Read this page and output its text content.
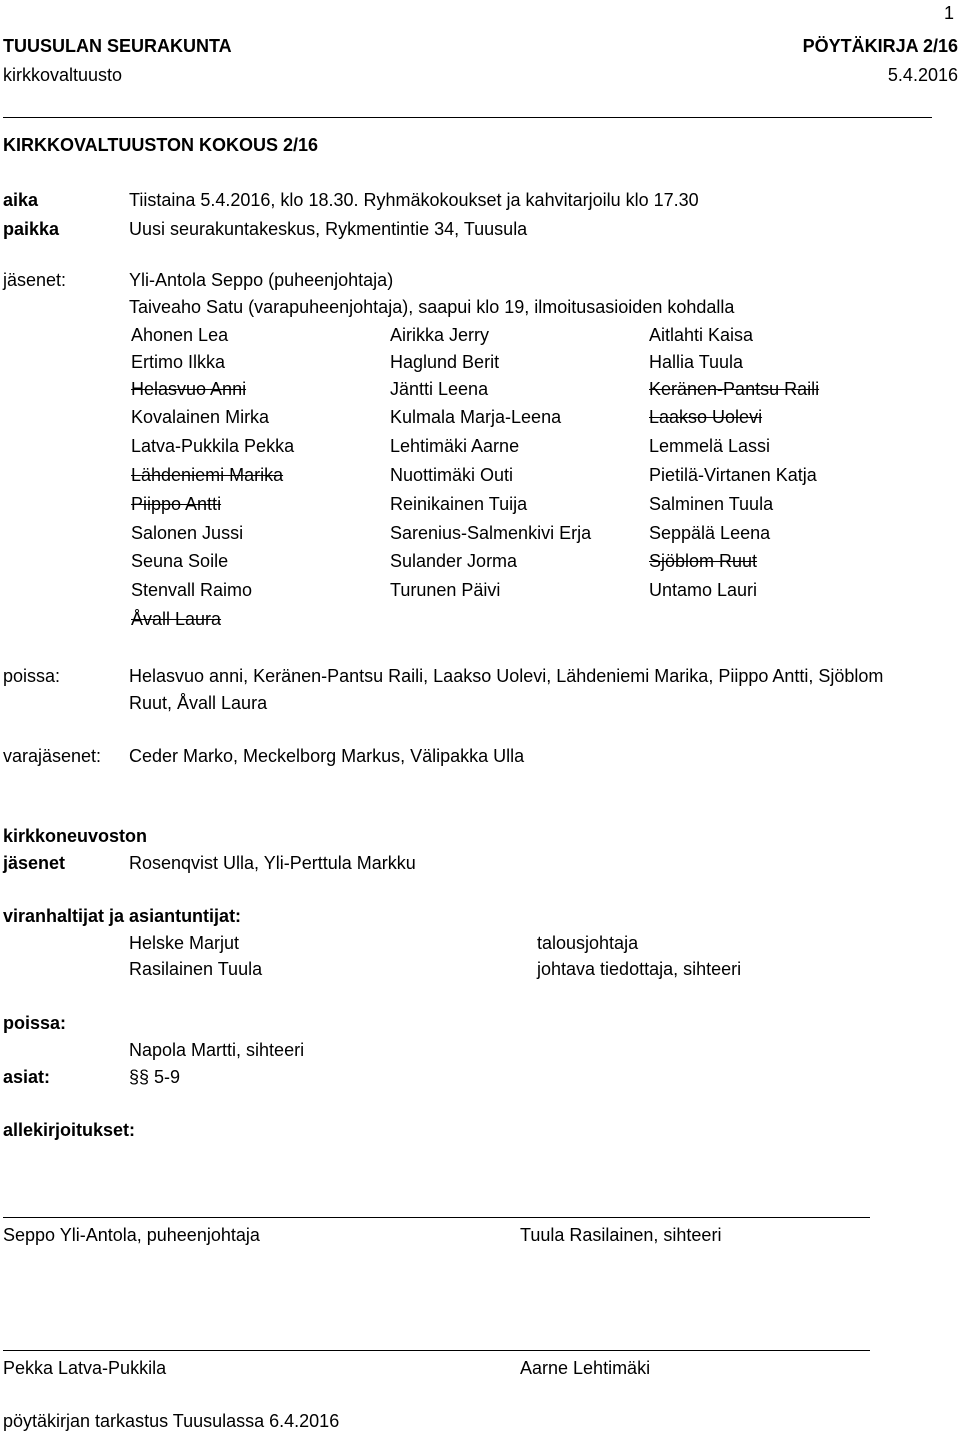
1
TUUSULAN SEURAKUNTA	PÖYTÄKIRJA 2/16
kirkkovaltuusto	5.4.2016
KIRKKOVALTUUSTON KOKOUS 2/16
aika	Tiistaina 5.4.2016, klo 18.30. Ryhmäkokoukset ja kahvitarjoilu klo 17.30
paikka	Uusi seurakuntakeskus, Rykmentintie 34, Tuusula
jäsenet:	Yli-Antola Seppo (puheenjohtaja)
Taiveaho Satu (varapuheenjohtaja), saapui klo 19, ilmoitusasioiden kohdalla
Ahonen Lea	Airikka Jerry	Aitlahti Kaisa
Ertimo Ilkka	Haglund Berit	Hallia Tuula
Helasvuo Anni	Jäntti Leena	Keränen-Pantsu Raili
Kovalainen Mirka	Kulmala Marja-Leena	Laakso Uolevi
Latva-Pukkila Pekka	Lehtimäki Aarne	Lemmelä Lassi
Lähdeniemi Marika	Nuottimäki Outi	Pietilä-Virtanen Katja
Piippo Antti	Reinikainen Tuija	Salminen Tuula
Salonen Jussi	Sarenius-Salmenkivi Erja	Seppälä Leena
Seuna Soile	Sulander Jorma	Sjöblom Ruut
Stenvall Raimo	Turunen Päivi	Untamo Lauri
Åvall Laura
poissa:	Helasvuo anni, Keränen-Pantsu Raili, Laakso Uolevi, Lähdeniemi Marika, Piippo Antti, Sjöblom
Ruut, Åvall Laura
varajäsenet: Ceder Marko, Meckelborg Markus, Välipakka Ulla
kirkkoneuvoston
jäsenet	Rosenqvist Ulla, Yli-Perttula Markku
viranhaltijat ja asiantuntijat:
Helske Marjut	talousjohtaja
Rasilainen Tuula	johtava tiedottaja, sihteeri
poissa:
Napola Martti, sihteeri
asiat:	§§ 5-9
allekirjoitukset:
Seppo Yli-Antola, puheenjohtaja	Tuula Rasilainen, sihteeri
Pekka Latva-Pukkila	Aarne Lehtimäki
pöytäkirjan tarkastus Tuusulassa 6.4.2016
